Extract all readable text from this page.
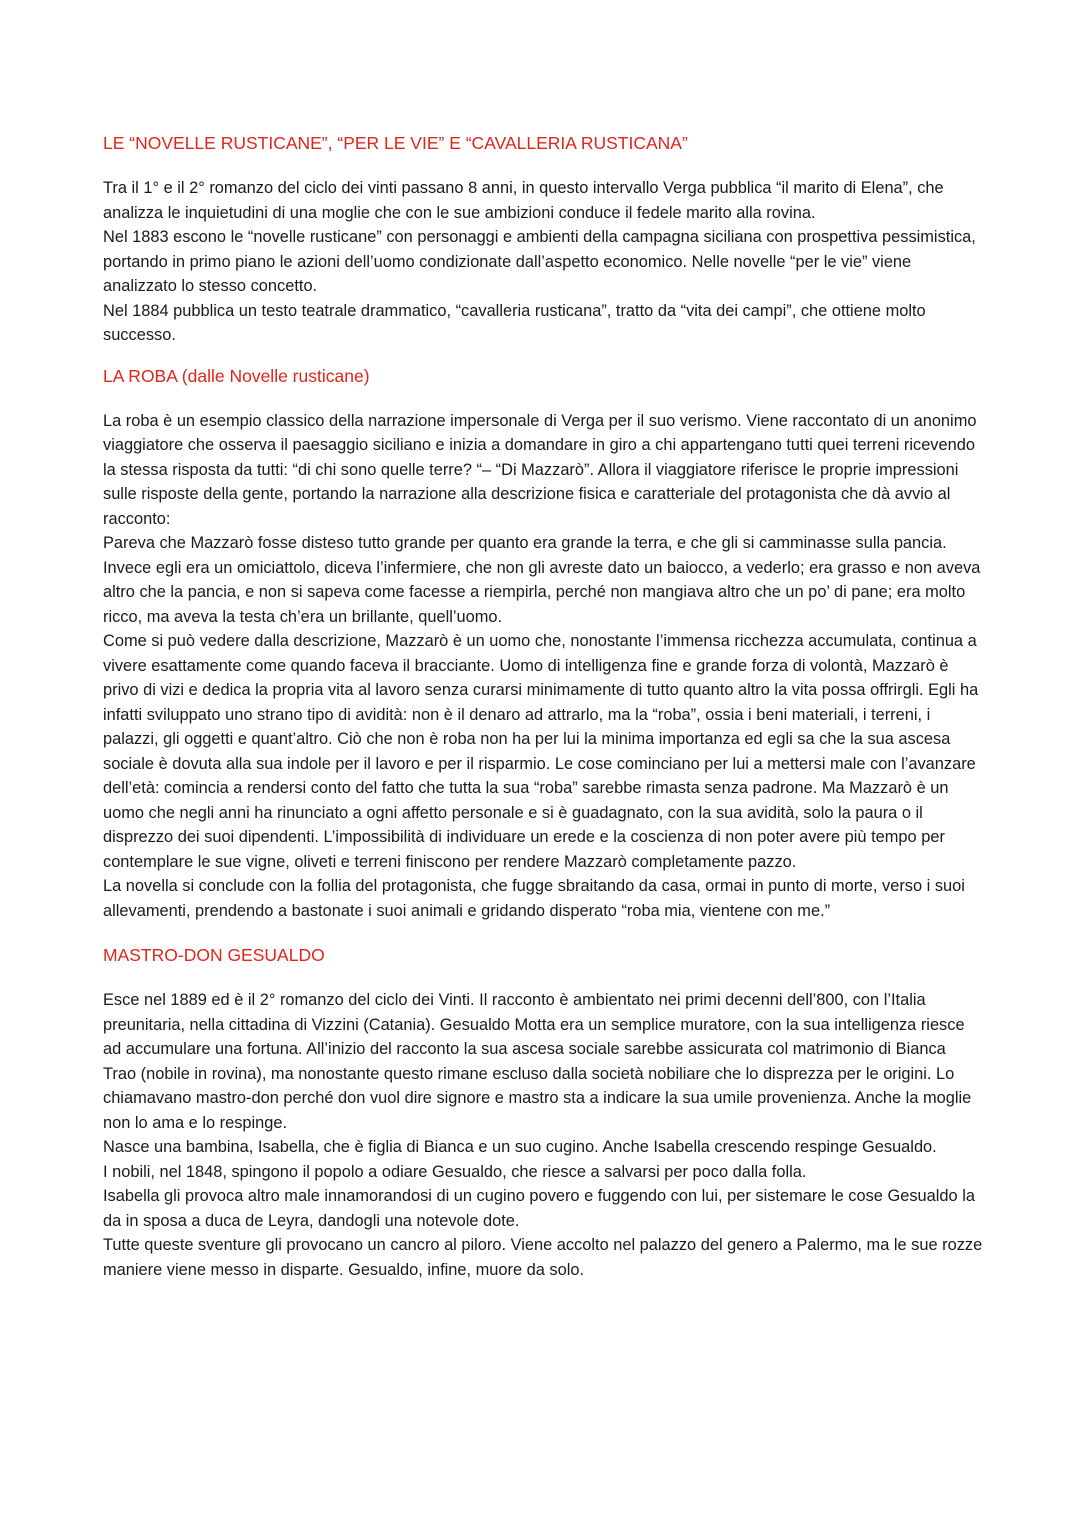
LE “NOVELLE RUSTICANE”, “PER LE VIE” E “CAVALLERIA RUSTICANA”

Tra il 1° e il 2° romanzo del ciclo dei vinti passano 8 anni, in questo intervallo Verga pubblica “il marito di Elena”, che analizza le inquietudini di una moglie che con le sue ambizioni conduce il fedele marito alla rovina.

Nel 1883 escono le “novelle rusticane” con personaggi e ambienti della campagna siciliana con prospettiva pessimistica, portando in primo piano le azioni dell’uomo condizionate dall’aspetto economico. Nelle novelle “per le vie” viene analizzato lo stesso concetto.

Nel 1884 pubblica un testo teatrale drammatico, “cavalleria rusticana”, tratto da “vita dei campi”, che ottiene molto successo.

LA ROBA (dalle Novelle rusticane)

La roba è un esempio classico della narrazione impersonale di Verga per il suo verismo. Viene raccontato di un anonimo viaggiatore che osserva il paesaggio siciliano e inizia a domandare in giro a chi appartengano tutti quei terreni ricevendo la stessa risposta da tutti: “di chi sono quelle terre? “– “Di Mazzarò”. Allora il viaggiatore riferisce le proprie impressioni sulle risposte della gente, portando la narrazione alla descrizione fisica e caratteriale del protagonista che dà avvio al racconto:

Pareva che Mazzarò fosse disteso tutto grande per quanto era grande la terra, e che gli si camminasse sulla pancia. Invece egli era un omiciattolo, diceva l’infermiere, che non gli avreste dato un baiocco, a vederlo; era grasso e non aveva altro che la pancia, e non si sapeva come facesse a riempirla, perché non mangiava altro che un po’ di pane; era molto ricco, ma aveva la testa ch’era un brillante, quell’uomo.

Come si può vedere dalla descrizione, Mazzarò è un uomo che, nonostante l’immensa ricchezza accumulata, continua a vivere esattamente come quando faceva il bracciante. Uomo di intelligenza fine e grande forza di volontà, Mazzarò è privo di vizi e dedica la propria vita al lavoro senza curarsi minimamente di tutto quanto altro la vita possa offrirgli. Egli ha infatti sviluppato uno strano tipo di avidità: non è il denaro ad attrarlo, ma la “roba”, ossia i beni materiali, i terreni, i palazzi, gli oggetti e quant’altro. Ciò che non è roba non ha per lui la minima importanza ed egli sa che la sua ascesa sociale è dovuta alla sua indole per il lavoro e per il risparmio. Le cose cominciano per lui a mettersi male con l’avanzare dell’età: comincia a rendersi conto del fatto che tutta la sua “roba” sarebbe rimasta senza padrone. Ma Mazzarò è un uomo che negli anni ha rinunciato a ogni affetto personale e si è guadagnato, con la sua avidità, solo la paura o il disprezzo dei suoi dipendenti. L’impossibilità di individuare un erede e la coscienza di non poter avere più tempo per contemplare le sue vigne, oliveti e terreni finiscono per rendere Mazzarò completamente pazzo.

La novella si conclude con la follia del protagonista, che fugge sbraitando da casa, ormai in punto di morte, verso i suoi allevamenti, prendendo a bastonate i suoi animali e gridando disperato “roba mia, vientene con me.”

MASTRO-DON GESUALDO

Esce nel 1889 ed è il 2° romanzo del ciclo dei Vinti. Il racconto è ambientato nei primi decenni dell’800, con l’Italia preunitaria, nella cittadina di Vizzini (Catania). Gesualdo Motta era un semplice muratore, con la sua intelligenza riesce ad accumulare una fortuna. All’inizio del racconto la sua ascesa sociale sarebbe assicurata col matrimonio di Bianca Trao (nobile in rovina), ma nonostante questo rimane escluso dalla società nobiliare che lo disprezza per le origini. Lo chiamavano mastro-don perché don vuol dire signore e mastro sta a indicare la sua umile provenienza. Anche la moglie non lo ama e lo respinge.

Nasce una bambina, Isabella, che è figlia di Bianca e un suo cugino. Anche Isabella crescendo respinge Gesualdo.

I nobili, nel 1848, spingono il popolo a odiare Gesualdo, che riesce a salvarsi per poco dalla folla.

Isabella gli provoca altro male innamorandosi di un cugino povero e fuggendo con lui, per sistemare le cose Gesualdo la da in sposa a duca de Leyra, dandogli una notevole dote.

Tutte queste sventure gli provocano un cancro al piloro. Viene accolto nel palazzo del genero a Palermo, ma le sue rozze maniere viene messo in disparte. Gesualdo, infine, muore da solo.
